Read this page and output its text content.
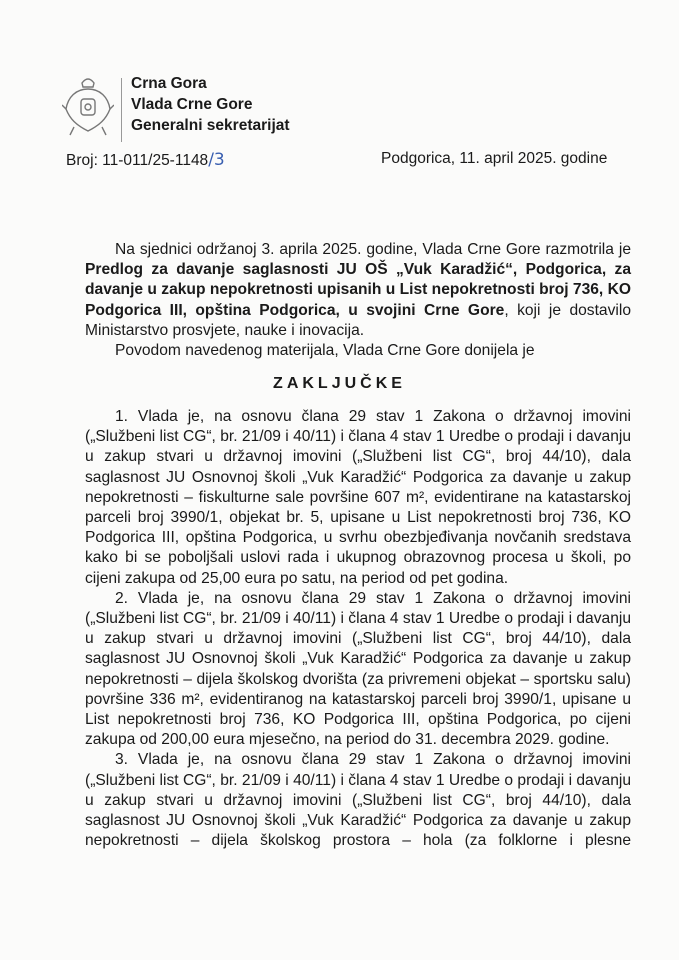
Crna Gora
Vlada Crne Gore
Generalni sekretarijat
Broj: 11-011/25-1148/3	Podgorica, 11. april 2025. godine

Na sjednici održanoj 3. aprila 2025. godine, Vlada Crne Gore razmotrila je Predlog za davanje saglasnosti JU OŠ „Vuk Karadžić“, Podgorica, za davanje u zakup nepokretnosti upisanih u List nepokretnosti broj 736, KO Podgorica III, opština Podgorica, u svojini Crne Gore, koji je dostavilo Ministarstvo prosvjete, nauke i inovacija.

Povodom navedenog materijala, Vlada Crne Gore donijela je

ZAKLJUČKE

1. Vlada je, na osnovu člana 29 stav 1 Zakona o državnoj imovini („Službeni list CG“, br. 21/09 i 40/11) i člana 4 stav 1 Uredbe o prodaji i davanju u zakup stvari u državnoj imovini („Službeni list CG“, broj 44/10), dala saglasnost JU Osnovnoj školi „Vuk Karadžić“ Podgorica za davanje u zakup nepokretnosti – fiskulturne sale površine 607 m², evidentirane na katastarskoj parceli broj 3990/1, objekat br. 5, upisane u List nepokretnosti broj 736, KO Podgorica III, opština Podgorica, u svrhu obezbjeđivanja novčanih sredstava kako bi se poboljšali uslovi rada i ukupnog obrazovnog procesa u školi, po cijeni zakupa od 25,00 eura po satu, na period od pet godina.

2. Vlada je, na osnovu člana 29 stav 1 Zakona o državnoj imovini („Službeni list CG“, br. 21/09 i 40/11) i člana 4 stav 1 Uredbe o prodaji i davanju u zakup stvari u državnoj imovini („Službeni list CG“, broj 44/10), dala saglasnost JU Osnovnoj školi „Vuk Karadžić“ Podgorica za davanje u zakup nepokretnosti – dijela školskog dvorišta (za privremeni objekat – sportsku salu) površine 336 m², evidentiranog na katastarskoj parceli broj 3990/1, upisane u List nepokretnosti broj 736, KO Podgorica III, opština Podgorica, po cijeni zakupa od 200,00 eura mjesečno, na period do 31. decembra 2029. godine.

3. Vlada je, na osnovu člana 29 stav 1 Zakona o državnoj imovini („Službeni list CG“, br. 21/09 i 40/11) i člana 4 stav 1 Uredbe o prodaji i davanju u zakup stvari u državnoj imovini („Službeni list CG“, broj 44/10), dala saglasnost JU Osnovnoj školi „Vuk Karadžić“ Podgorica za davanje u zakup nepokretnosti – dijela školskog prostora – hola (za folklorne i plesne
